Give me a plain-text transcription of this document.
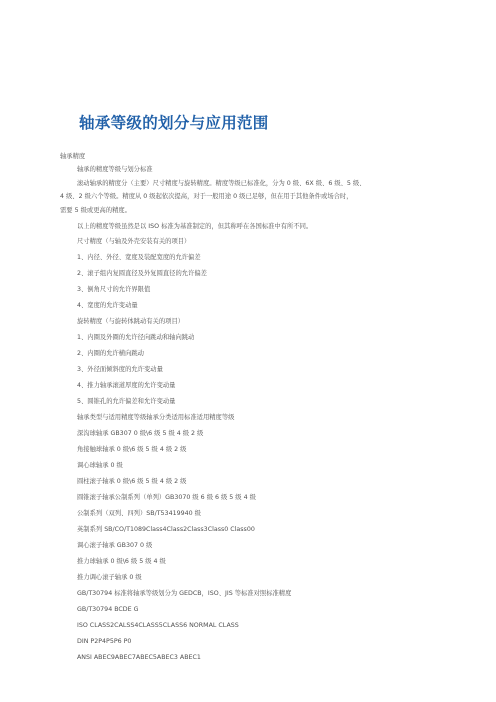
轴承等级的划分与应用范围
轴承精度
轴承的精度等级与划分标准
滚动轴承的精度分（主要）尺寸精度与旋转精度。精度等级已标准化，分为 0 级、6X 级、6 级、5 级、
4 级、2 级六个等级。精度从 0 级起依次提高，对于一般用途 0 级已足够，但在用于其他条件或场合时，
需要 5 级或更高的精度。
以上的精度等级虽然是以 ISO 标准为基准制定的，但其称呼在各国标准中有所不同。
尺寸精度（与轴及外壳安装有关的项目）
1、内径、外径、宽度及装配宽度的允许偏差
2、滚子组内复圆直径及外复圆直径的允许偏差
3、倒角尺寸的允许界限值
4、宽度的允许变动量
旋转精度（与旋转体跳动有关的项目）
1、内圈及外圈的允许径向跳动和轴向跳动
2、内圈的允许横向跳动
3、外径面倾斜度的允许变动量
4、推力轴承滚道厚度的允许变动量
5、圆锥孔的允许偏差和允许变动量
轴承类型与适用精度等级轴承分类适用标准适用精度等级
深沟球轴承 GB307 0 级\6 级 5 级 4 级 2 级
角接触球轴承 0 级\6 级 5 级 4 级 2 级
调心球轴承 0 级
圆柱滚子轴承 0 级\6 级 5 级 4 级 2 级
圆锥滚子轴承公制系列（单列）GB3070 级 6 级 6 级 5 级 4 级
公制系列（双列、四列）SB/T53419940 级
英制系列 SB/CO/T1089Class4Class2Class3Class0 Class00
调心滚子轴承 GB307 0 级
推力球轴承 0 级\6 级 5 级 4 级
推力调心滚子轴承 0 级
GB/T30794 标准将轴承等级划分为 GEDCB，ISO、JIS 等标准对照标准精度
GB/T30794 BCDE G
ISO CLASS2CALSS4CLASS5CLASS6 NORMAL CLASS
DIN P2P4P5P6 P0
ANSI ABEC9ABEC7ABEC5ABEC3 ABEC1
